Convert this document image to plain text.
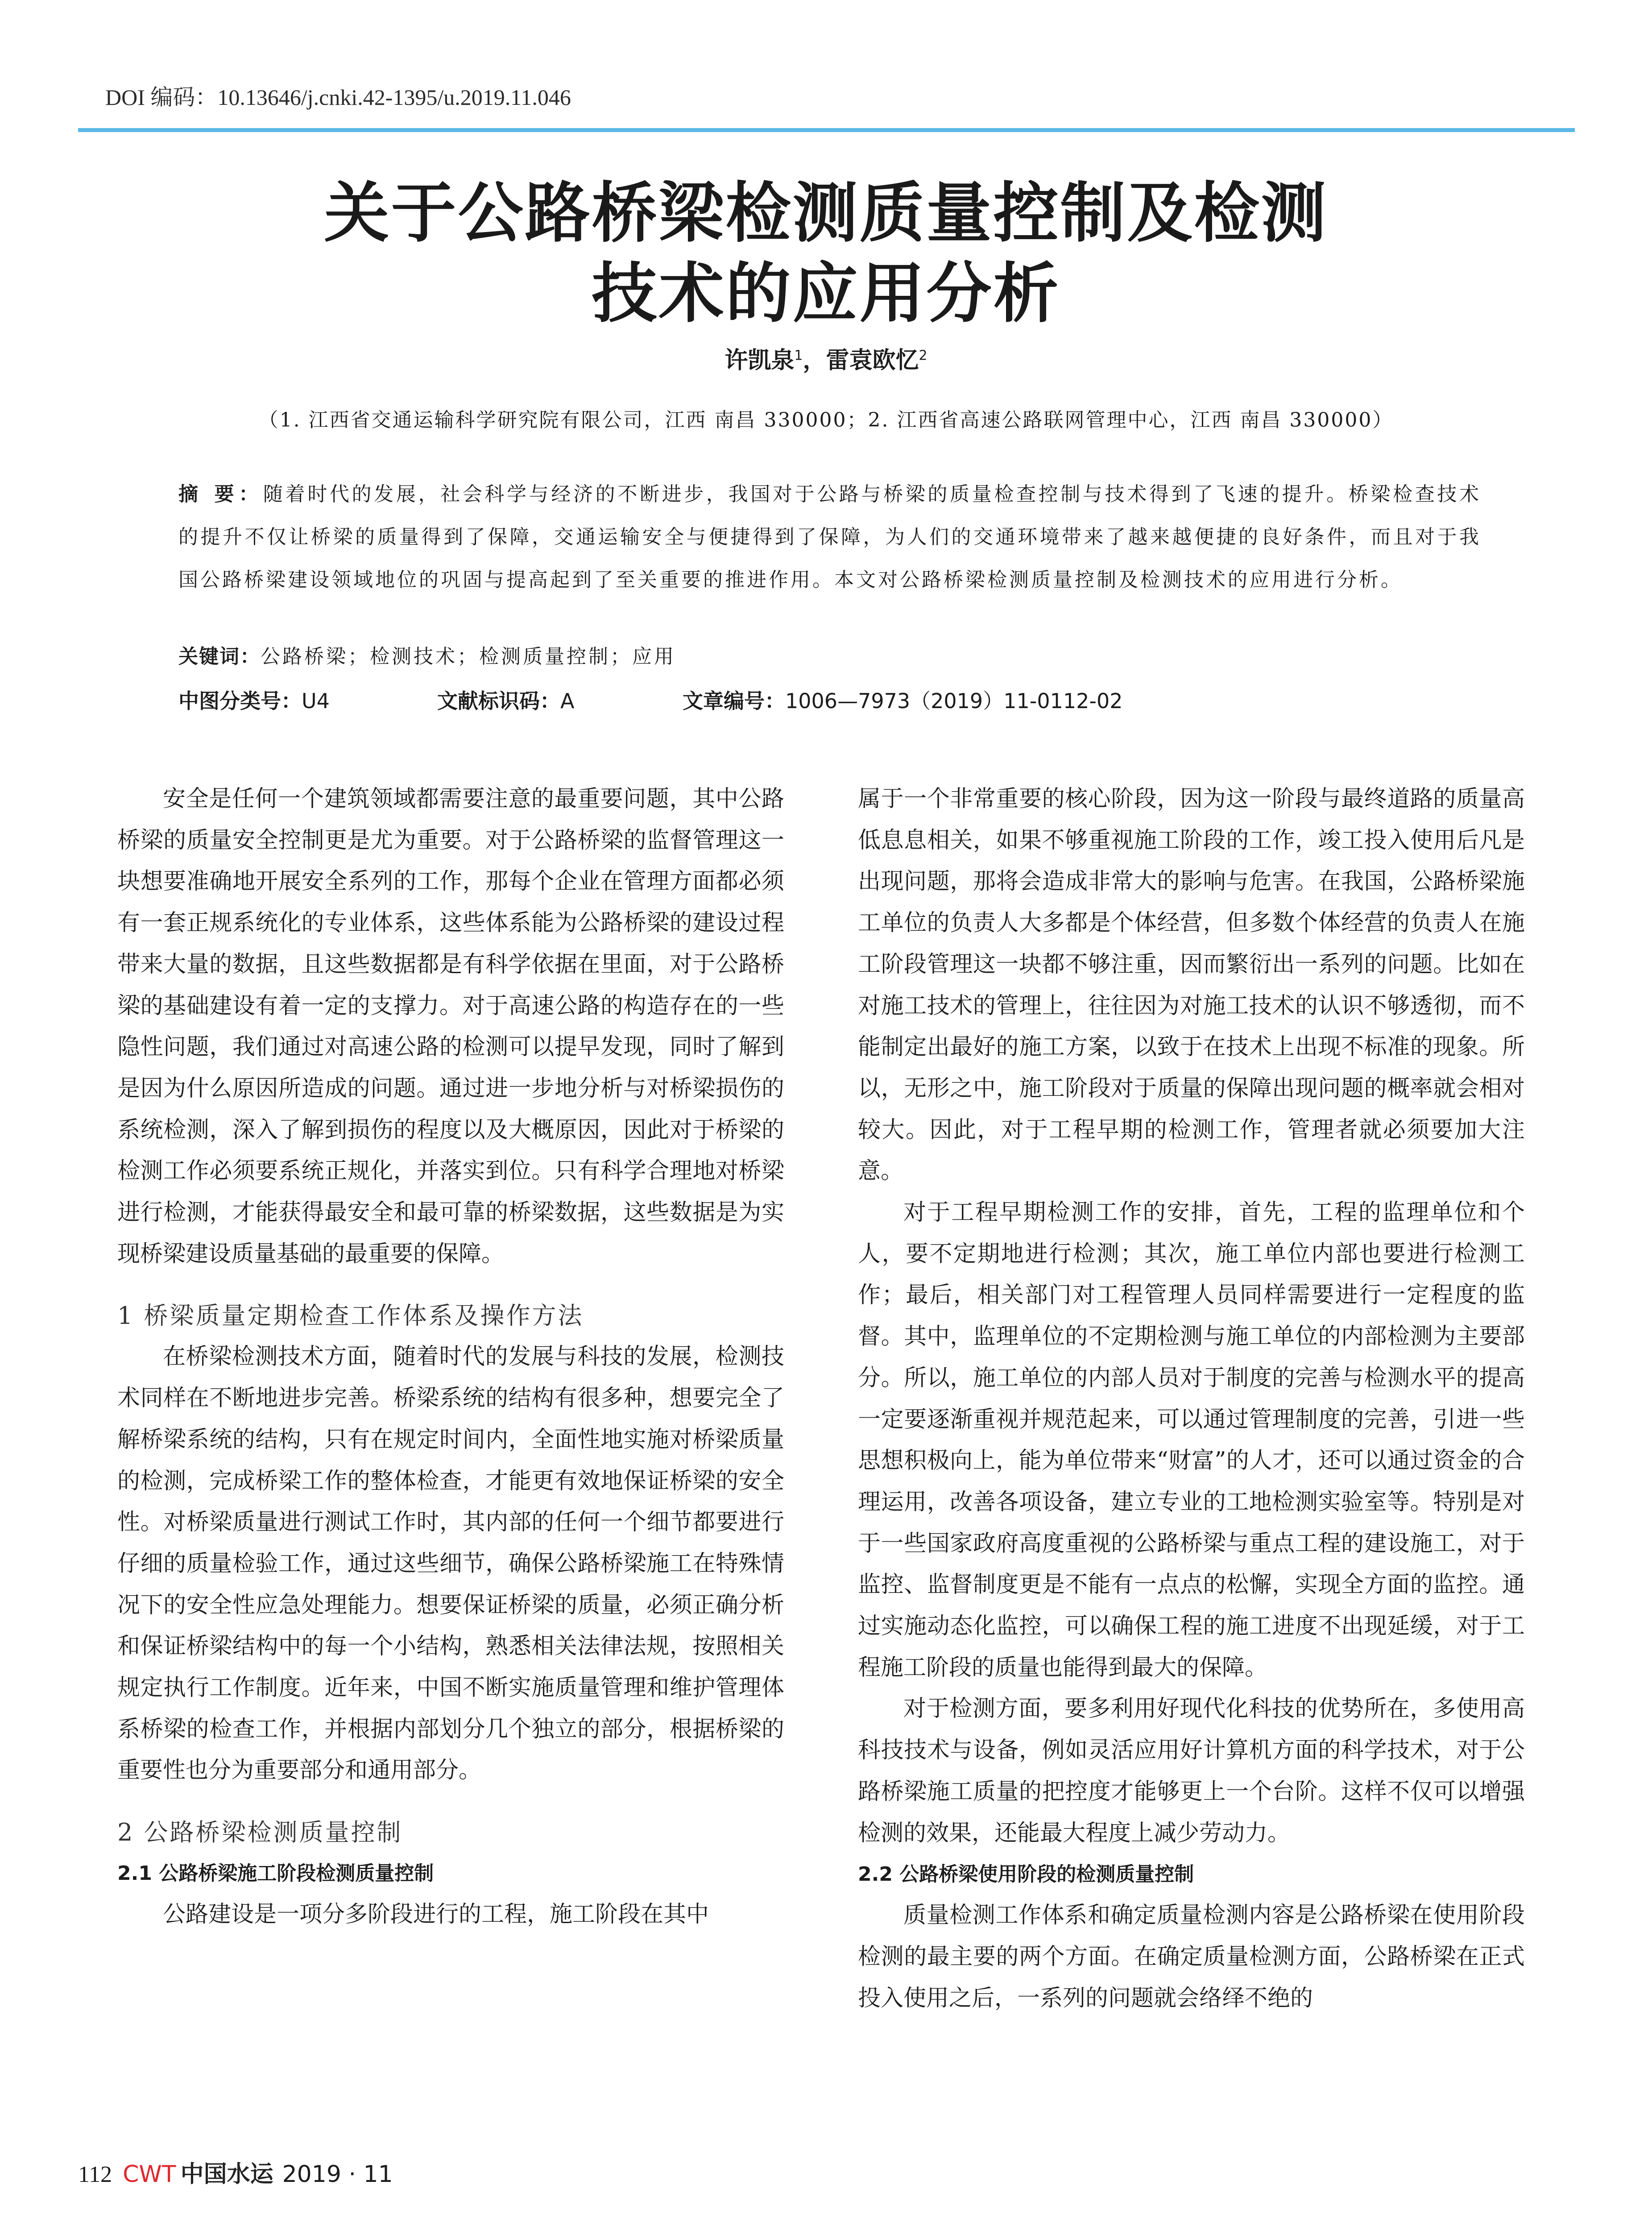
DOI 编码：10.13646/j.cnki.42-1395/u.2019.11.046
关于公路桥梁检测质量控制及检测
技术的应用分析
许凯泉$^1$，雷袁欧忆$^2$
（1. 江西省交通运输科学研究院有限公司，江西 南昌 330000；2. 江西省高速公路联网管理中心，江西 南昌 330000）

摘 要：随着时代的发展，社会科学与经济的不断进步，我国对于公路与桥梁的质量检查控制与技术得到了飞速的提升。桥梁检查技术的提升不仅让桥梁的质量得到了保障，交通运输安全与便捷得到了保障，为人们的交通环境带来了越来越便捷的良好条件，而且对于我国公路桥梁建设领域地位的巩固与提高起到了至关重要的推进作用。本文对公路桥梁检测质量控制及检测技术的应用进行分析。

关键词：公路桥梁；检测技术；检测质量控制；应用
中图分类号：U4	文献标识码：A	文章编号：1006—7973（2019）11-0112-02

安全是任何一个建筑领域都需要注意的最重要问题，其中公路桥梁的质量安全控制更是尤为重要。对于公路桥梁的监督管理这一块想要准确地开展安全系列的工作，那每个企业在管理方面都必须有一套正规系统化的专业体系，这些体系能为公路桥梁的建设过程带来大量的数据，且这些数据都是有科学依据在里面，对于公路桥梁的基础建设有着一定的支撑力。对于高速公路的构造存在的一些隐性问题，我们通过对高速公路的检测可以提早发现，同时了解到是因为什么原因所造成的问题。通过进一步地分析与对桥梁损伤的系统检测，深入了解到损伤的程度以及大概原因，因此对于桥梁的检测工作必须要系统正规化，并落实到位。只有科学合理地对桥梁进行检测，才能获得最安全和最可靠的桥梁数据，这些数据是为实现桥梁建设质量基础的最重要的保障。

1 桥梁质量定期检查工作体系及操作方法

在桥梁检测技术方面，随着时代的发展与科技的发展，检测技术同样在不断地进步完善。桥梁系统的结构有很多种，想要完全了解桥梁系统的结构，只有在规定时间内，全面性地实施对桥梁质量的检测，完成桥梁工作的整体检查，才能更有效地保证桥梁的安全性。对桥梁质量进行测试工作时，其内部的任何一个细节都要进行仔细的质量检验工作，通过这些细节，确保公路桥梁施工在特殊情况下的安全性应急处理能力。想要保证桥梁的质量，必须正确分析和保证桥梁结构中的每一个小结构，熟悉相关法律法规，按照相关规定执行工作制度。近年来，中国不断实施质量管理和维护管理体系桥梁的检查工作，并根据内部划分几个独立的部分，根据桥梁的重要性也分为重要部分和通用部分。

2 公路桥梁检测质量控制
2.1 公路桥梁施工阶段检测质量控制

公路建设是一项分多阶段进行的工程，施工阶段在其中

属于一个非常重要的核心阶段，因为这一阶段与最终道路的质量高低息息相关，如果不够重视施工阶段的工作，竣工投入使用后凡是出现问题，那将会造成非常大的影响与危害。在我国，公路桥梁施工单位的负责人大多都是个体经营，但多数个体经营的负责人在施工阶段管理这一块都不够注重，因而繁衍出一系列的问题。比如在对施工技术的管理上，往往因为对施工技术的认识不够透彻，而不能制定出最好的施工方案，以致于在技术上出现不标准的现象。所以，无形之中，施工阶段对于质量的保障出现问题的概率就会相对较大。因此，对于工程早期的检测工作，管理者就必须要加大注意。

对于工程早期检测工作的安排，首先，工程的监理单位和个人，要不定期地进行检测；其次，施工单位内部也要进行检测工作；最后，相关部门对工程管理人员同样需要进行一定程度的监督。其中，监理单位的不定期检测与施工单位的内部检测为主要部分。所以，施工单位的内部人员对于制度的完善与检测水平的提高一定要逐渐重视并规范起来，可以通过管理制度的完善，引进一些思想积极向上，能为单位带来“财富”的人才，还可以通过资金的合理运用，改善各项设备，建立专业的工地检测实验室等。特别是对于一些国家政府高度重视的公路桥梁与重点工程的建设施工，对于监控、监督制度更是不能有一点点的松懈，实现全方面的监控。通过实施动态化监控，可以确保工程的施工进度不出现延缓，对于工程施工阶段的质量也能得到最大的保障。

对于检测方面，要多利用好现代化科技的优势所在，多使用高科技技术与设备，例如灵活应用好计算机方面的科学技术，对于公路桥梁施工质量的把控度才能够更上一个台阶。这样不仅可以增强检测的效果，还能最大程度上减少劳动力。

2.2 公路桥梁使用阶段的检测质量控制

质量检测工作体系和确定质量检测内容是公路桥梁在使用阶段检测的最主要的两个方面。在确定质量检测方面，公路桥梁在正式投入使用之后，一系列的问题就会络绎不绝的

112 CWT 中国水运 2019 · 11
